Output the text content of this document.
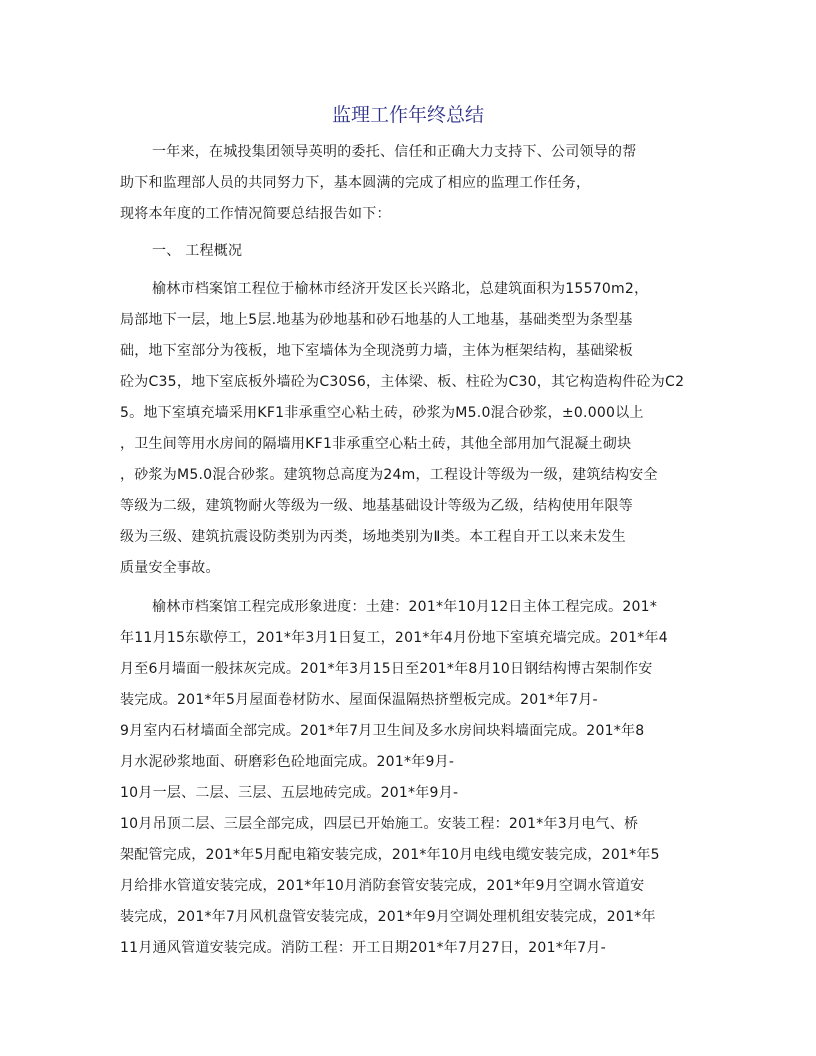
监理工作年终总结
一年来，在城投集团领导英明的委托、信任和正确大力支持下、公司领导的帮
助下和监理部人员的共同努力下，基本圆满的完成了相应的监理工作任务，
现将本年度的工作情况简要总结报告如下：
一、 工程概况
榆林市档案馆工程位于榆林市经济开发区长兴路北，总建筑面积为15570m2，
局部地下一层，地上5层.地基为砂地基和砂石地基的人工地基，基础类型为条型基
础，地下室部分为筏板，地下室墙体为全现浇剪力墙，主体为框架结构，基础梁板
砼为C35，地下室底板外墙砼为C30S6，主体梁、板、柱砼为C30，其它构造构件砼为C2
5。地下室填充墙采用KF1非承重空心粘土砖，砂浆为M5.0混合砂浆，±0.000以上
，卫生间等用水房间的隔墙用KF1非承重空心粘土砖，其他全部用加气混凝土砌块
，砂浆为M5.0混合砂浆。建筑物总高度为24m，工程设计等级为一级，建筑结构安全
等级为二级，建筑物耐火等级为一级、地基基础设计等级为乙级，结构使用年限等
级为三级、建筑抗震设防类别为丙类，场地类别为Ⅱ类。本工程自开工以来未发生
质量安全事故。
榆林市档案馆工程完成形象进度：土建：201*年10月12日主体工程完成。201*
年11月15东歇停工，201*年3月1日复工，201*年4月份地下室填充墙完成。201*年4
月至6月墙面一般抹灰完成。201*年3月15日至201*年8月10日钢结构博古架制作安
装完成。201*年5月屋面卷材防水、屋面保温隔热挤塑板完成。201*年7月-
9月室内石材墙面全部完成。201*年7月卫生间及多水房间块料墙面完成。201*年8
月水泥砂浆地面、研磨彩色砼地面完成。201*年9月-
10月一层、二层、三层、五层地砖完成。201*年9月-
10月吊顶二层、三层全部完成，四层已开始施工。安装工程：201*年3月电气、桥
架配管完成，201*年5月配电箱安装完成，201*年10月电线电缆安装完成，201*年5
月给排水管道安装完成，201*年10月消防套管安装完成，201*年9月空调水管道安
装完成，201*年7月风机盘管安装完成，201*年9月空调处理机组安装完成，201*年
11月通风管道安装完成。消防工程：开工日期201*年7月27日，201*年7月-
